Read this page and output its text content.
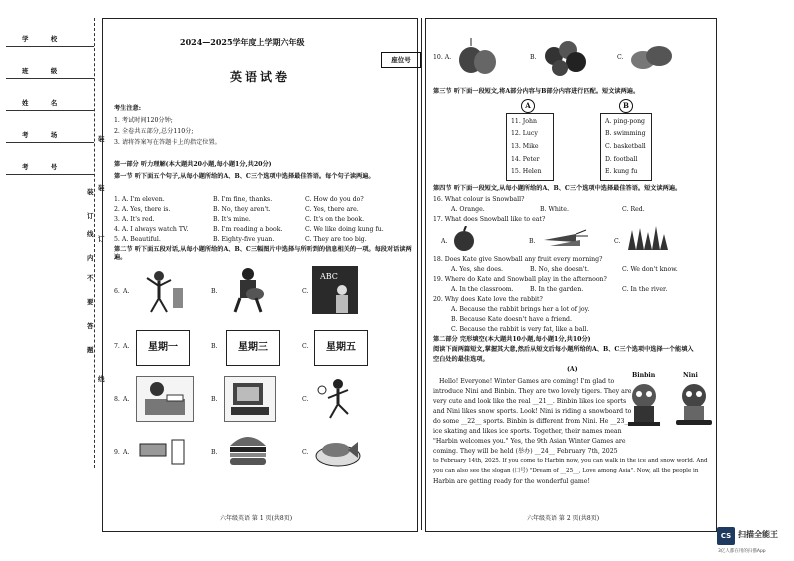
学 校
班 级
姓 名
考 场
考 号
装
装
订
线
装
订
线
内
不
要
答
题
2024—2025学年度上学期六年级
座位号
英语试卷
考生注意:
1. 考试时间120分钟;
2. 全卷共五部分,总分110分;
3. 请将答案写在答题卡上的指定位置。
第一部分 听力理解(本大题共20小题,每小题1分,共20分)
第一节 听下面五个句子,从每小题所给的A、B、C三个选项中选择最佳答语。每个句子读两遍。
1. A. I'm eleven.	B. I'm fine, thanks.	C. How do you do?
2. A. Yes, there is.	B. No, they aren't.	C. Yes, there are.
3. A. It's red.	B. It's mine.	C. It's on the book.
4. A. I always watch TV.	B. I'm reading a book.	C. We like doing kung fu.
5. A. Beautiful.	B. Eighty-five yuan.	C. They are too big.
第二节 听下面五段对话,从每小题所给的A、B、C三幅图片中选择与所听到的信息相关的一项。每段对话读两遍。
6. A.	B.	C.
ABC
7. A.	星期一	B.	星期三	C.	星期五
8. A.	B.	C.
9. A.	B.	C.
六年级英语 第 1 页(共8页)
10. A.	B.	C.
第三节 听下面一段短文,将A部分内容与B部分内容进行匹配。短文读两遍。
A	B
11. John
12. Lucy
13. Mike
14. Peter
15. Helen
A. ping-pong
B. swimming
C. basketball
D. football
E. kung fu
第四节 听下面一段短文,从每小题所给的A、B、C三个选项中选择最佳答语。短文读两遍。
16. What colour is Snowball?
A. Orange.	B. White.	C. Red.
17. What does Snowball like to eat?
A.	B.	C.
18. Does Kate give Snowball any fruit every morning?
A. Yes, she does.	B. No, she doesn't.	C. We don't know.
19. Where do Kate and Snowball play in the afternoon?
A. In the classroom.	B. In the garden.	C. In the river.
20. Why does Kate love the rabbit?
A. Because the rabbit brings her a lot of joy.
B. Because Kate doesn't have a friend.
C. Because the rabbit is very fat, like a ball.
第二部分 完形填空(本大题共10小题,每小题1分,共10分)
阅读下面两篇短文,掌握其大意,然后从短文后每小题所给的A、B、C三个选项中选择一个能填入
空白处的最佳选项。
(A)
Binbin	Nini
Hello! Everyone! Winter Games are coming! I'm glad to
introduce Nini and Binbin. They are two lovely tigers. They are
very cute and look like the real __21__. Binbin likes ice sports
and Nini likes snow sports. Look! Nini is riding a snowboard to
do some __22__ sports. Binbin is different from Nini. He __23__
ice skating and likes ice sports. Together, their names mean
"Harbin welcomes you." Yes, the 9th Asian Winter Games are
coming. They will be held (举办) __24__ February 7th, 2025
to February 14th, 2025. If you come to Harbin now, you can walk in the ice and snow world. And
you can also see the slogan (口号) "Dream of __25__, Love among Asia". Now, all the people in
Harbin are getting ready for the wonderful game!
六年级英语 第 2 页(共8页)
CS 扫描全能王
3亿人都在用的扫描App
